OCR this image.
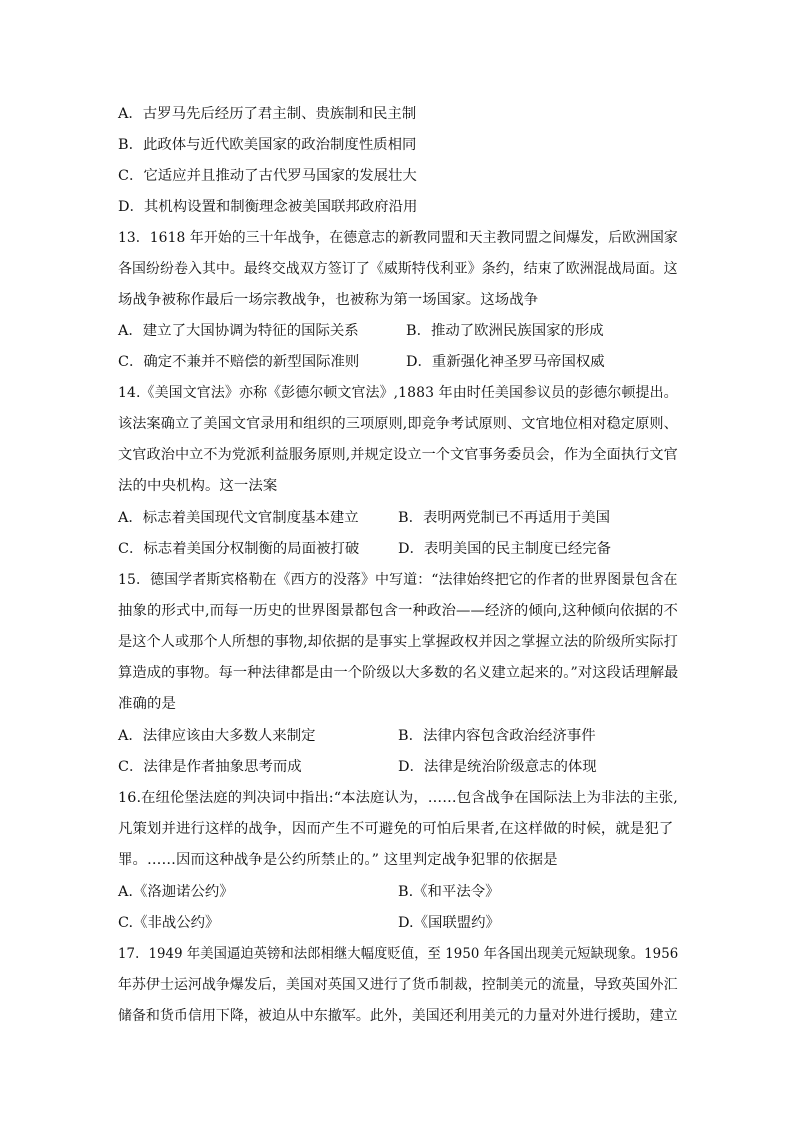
A．古罗马先后经历了君主制、贵族制和民主制
B．此政体与近代欧美国家的政治制度性质相同
C．它适应并且推动了古代罗马国家的发展壮大
D．其机构设置和制衡理念被美国联邦政府沿用
13．1618 年开始的三十年战争，在德意志的新教同盟和天主教同盟之间爆发，后欧洲国家
各国纷纷卷入其中。最终交战双方签订了《威斯特伐利亚》条约，结束了欧洲混战局面。这
场战争被称作最后一场宗教战争，也被称为第一场国家。这场战争
A．建立了大国协调为特征的国际关系	B．推动了欧洲民族国家的形成
C．确定不兼并不赔偿的新型国际准则	D．重新强化神圣罗马帝国权威
14.《美国文官法》亦称《彭德尔顿文官法》,1883 年由时任美国参议员的彭德尔顿提出。
该法案确立了美国文官录用和组织的三项原则,即竞争考试原则、文官地位相对稳定原则、
文官政治中立不为党派利益服务原则,并规定设立一个文官事务委员会，作为全面执行文官
法的中央机构。这一法案
A．标志着美国现代文官制度基本建立	B．表明两党制已不再适用于美国
C．标志着美国分权制衡的局面被打破	D．表明美国的民主制度已经完备
15．德国学者斯宾格勒在《西方的没落》中写道：“法律始终把它的作者的世界图景包含在
抽象的形式中,而每一历史的世界图景都包含一种政治——经济的倾向,这种倾向依据的不
是这个人或那个人所想的事物,却依据的是事实上掌握政权并因之掌握立法的阶级所实际打
算造成的事物。每一种法律都是由一个阶级以大多数的名义建立起来的。”对这段话理解最
准确的是
A．法律应该由大多数人来制定	B．法律内容包含政治经济事件
C．法律是作者抽象思考而成	D．法律是统治阶级意志的体现
16.在纽伦堡法庭的判决词中指出:“本法庭认为，……包含战争在国际法上为非法的主张,
凡策划并进行这样的战争，因而产生不可避免的可怕后果者,在这样做的时候，就是犯了
罪。……因而这种战争是公约所禁止的。” 这里判定战争犯罪的依据是
A.《洛迦诺公约》	B.《和平法令》
C.《非战公约》	D.《国联盟约》
17．1949 年美国逼迫英镑和法郎相继大幅度贬值，至 1950 年各国出现美元短缺现象。1956
年苏伊士运河战争爆发后，美国对英国又进行了货币制裁，控制美元的流量，导致英国外汇
储备和货币信用下降，被迫从中东撤军。此外，美国还利用美元的力量对外进行援助，建立
